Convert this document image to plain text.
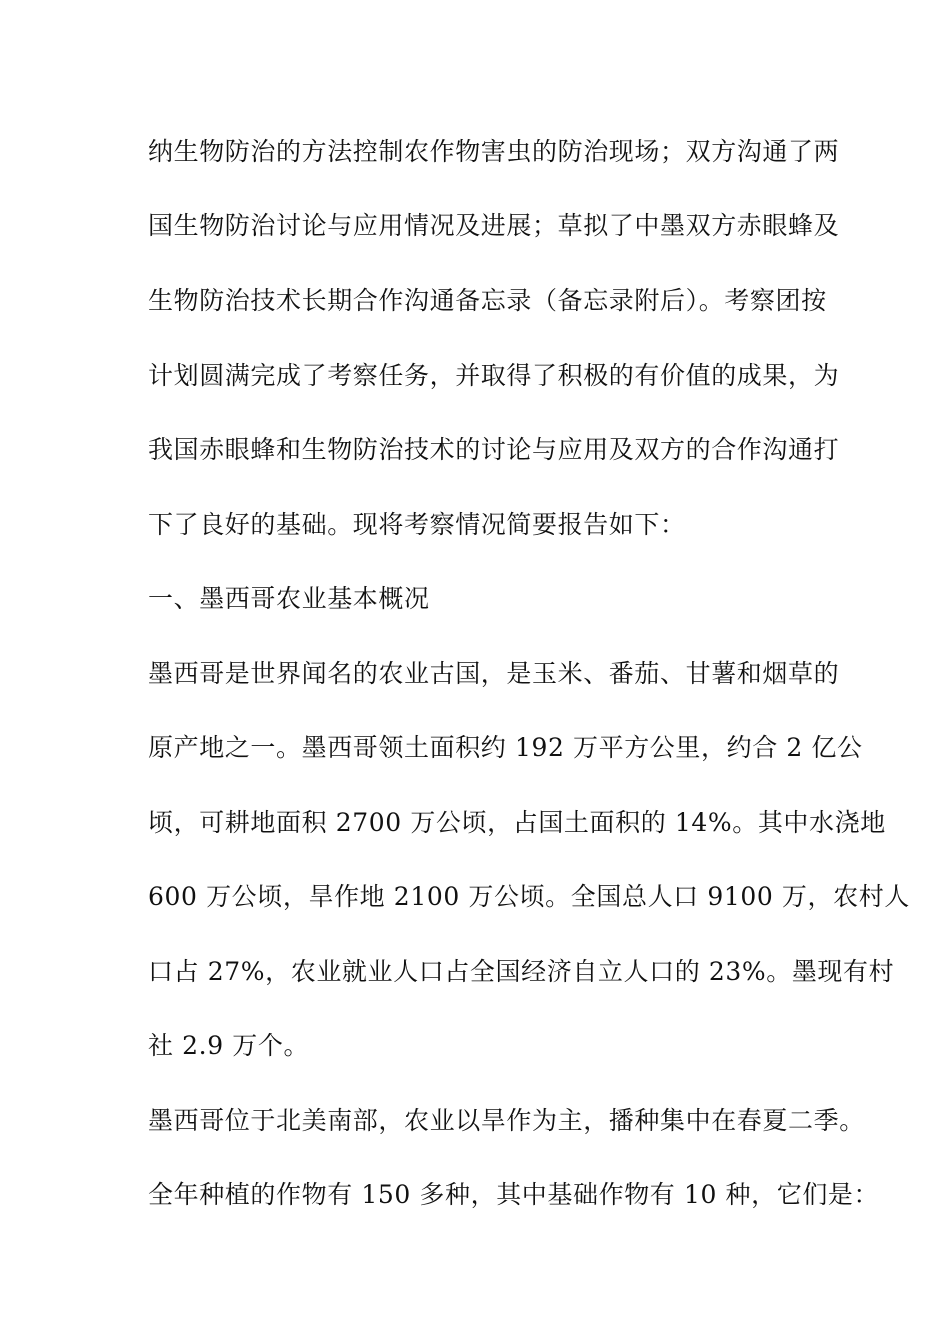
纳生物防治的方法控制农作物害虫的防治现场；双方沟通了两
国生物防治讨论与应用情况及进展；草拟了中墨双方赤眼蜂及
生物防治技术长期合作沟通备忘录（备忘录附后）。考察团按
计划圆满完成了考察任务，并取得了积极的有价值的成果，为
我国赤眼蜂和生物防治技术的讨论与应用及双方的合作沟通打
下了良好的基础。现将考察情况简要报告如下：
一、墨西哥农业基本概况
墨西哥是世界闻名的农业古国，是玉米、番茄、甘薯和烟草的
原产地之一。墨西哥领土面积约 192 万平方公里，约合 2 亿公
顷，可耕地面积 2700 万公顷，占国土面积的 14%。其中水浇地
600 万公顷，旱作地 2100 万公顷。全国总人口 9100 万，农村人
口占 27%，农业就业人口占全国经济自立人口的 23%。墨现有村
社 2.9 万个。
墨西哥位于北美南部，农业以旱作为主，播种集中在春夏二季。
全年种植的作物有 150 多种，其中基础作物有 10 种，它们是：
